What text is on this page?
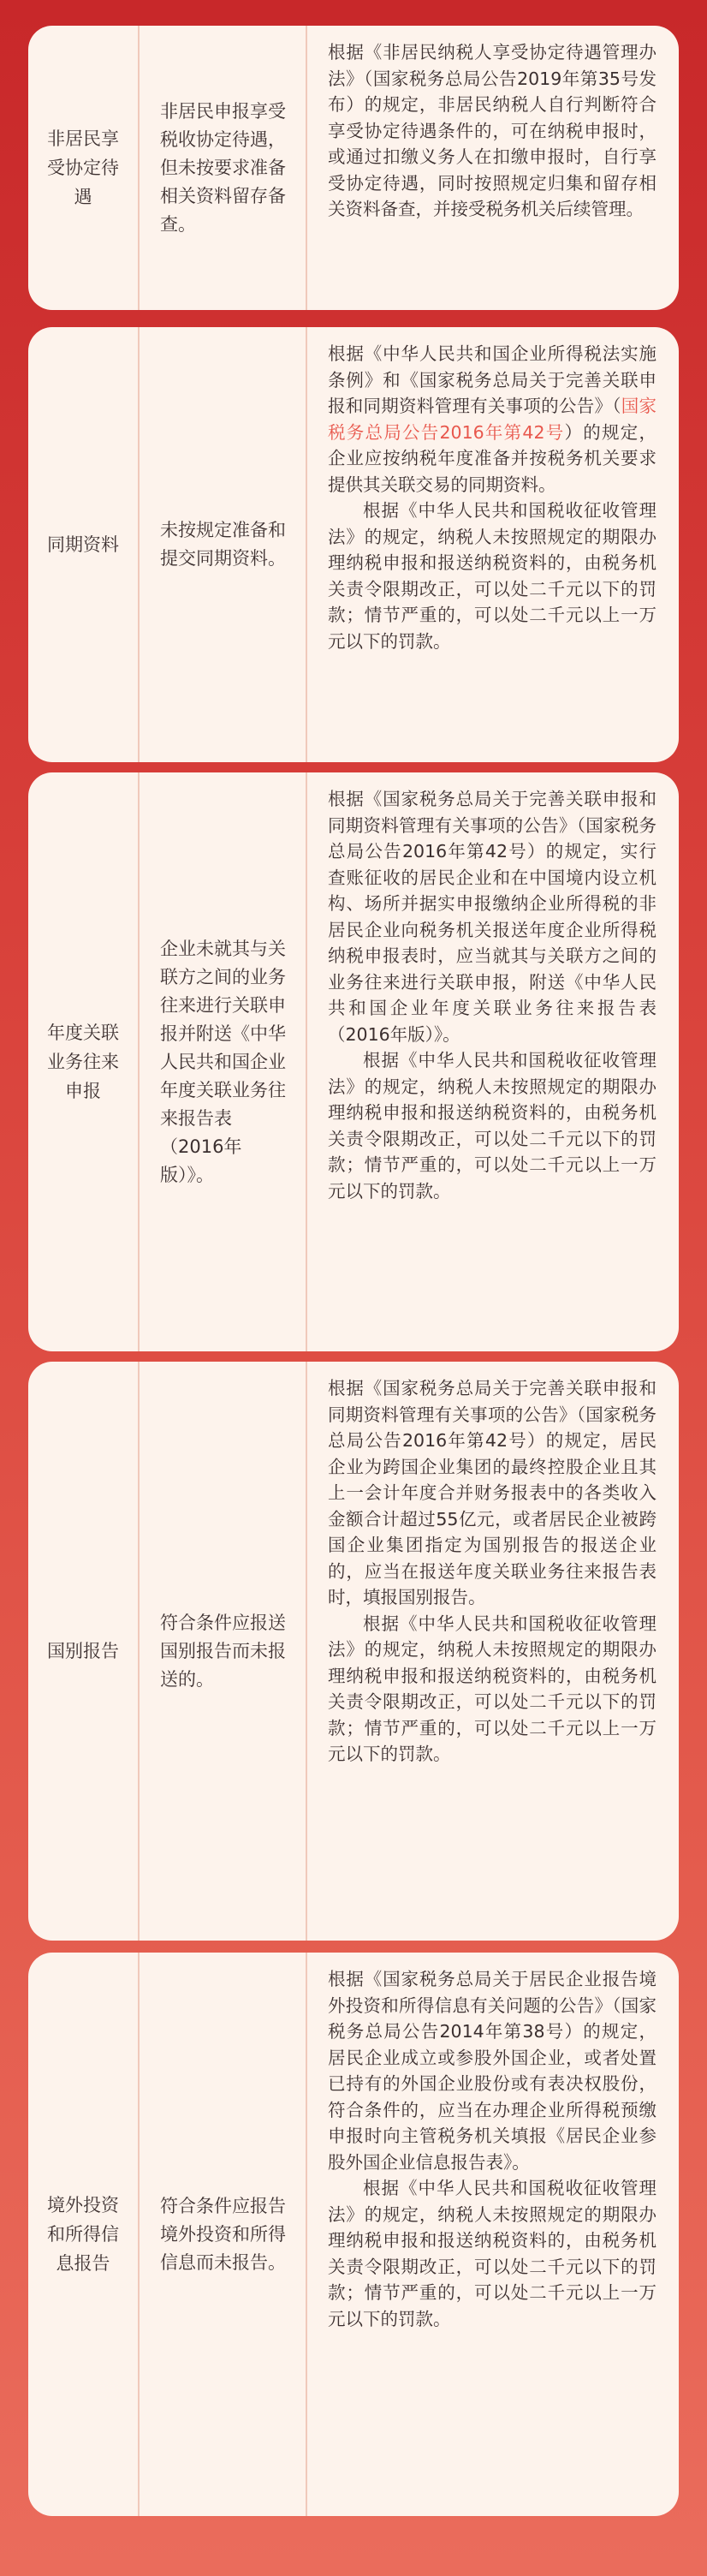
非居民享受协定待遇
非居民申报享受税收协定待遇，但未按要求准备相关资料留存备查。

根据《非居民纳税人享受协定待遇管理办法》（国家税务总局公告2019年第35号发布）的规定，非居民纳税人自行判断符合享受协定待遇条件的，可在纳税申报时，或通过扣缴义务人在扣缴申报时，自行享受协定待遇，同时按照规定归集和留存相关资料备查，并接受税务机关后续管理。

同期资料
未按规定准备和提交同期资料。

根据《中华人民共和国企业所得税法实施条例》和《国家税务总局关于完善关联申报和同期资料管理有关事项的公告》（国家税务总局公告2016年第42号）的规定，企业应按纳税年度准备并按税务机关要求提供其关联交易的同期资料。

根据《中华人民共和国税收征收管理法》的规定，纳税人未按照规定的期限办理纳税申报和报送纳税资料的，由税务机关责令限期改正，可以处二千元以下的罚款；情节严重的，可以处二千元以上一万元以下的罚款。

年度关联业务往来申报
企业未就其与关联方之间的业务往来进行关联申报并附送《中华人民共和国企业年度关联业务往来报告表（2016年版）》。

根据《国家税务总局关于完善关联申报和同期资料管理有关事项的公告》（国家税务总局公告2016年第42号）的规定，实行查账征收的居民企业和在中国境内设立机构、场所并据实申报缴纳企业所得税的非居民企业向税务机关报送年度企业所得税纳税申报表时，应当就其与关联方之间的业务往来进行关联申报，附送《中华人民共和国企业年度关联业务往来报告表（2016年版）》。

根据《中华人民共和国税收征收管理法》的规定，纳税人未按照规定的期限办理纳税申报和报送纳税资料的，由税务机关责令限期改正，可以处二千元以下的罚款；情节严重的，可以处二千元以上一万元以下的罚款。

国别报告
符合条件应报送国别报告而未报送的。

根据《国家税务总局关于完善关联申报和同期资料管理有关事项的公告》（国家税务总局公告2016年第42号）的规定，居民企业为跨国企业集团的最终控股企业且其上一会计年度合并财务报表中的各类收入金额合计超过55亿元，或者居民企业被跨国企业集团指定为国别报告的报送企业的，应当在报送年度关联业务往来报告表时，填报国别报告。

根据《中华人民共和国税收征收管理法》的规定，纳税人未按照规定的期限办理纳税申报和报送纳税资料的，由税务机关责令限期改正，可以处二千元以下的罚款；情节严重的，可以处二千元以上一万元以下的罚款。

境外投资和所得信息报告
符合条件应报告境外投资和所得信息而未报告。

根据《国家税务总局关于居民企业报告境外投资和所得信息有关问题的公告》（国家税务总局公告2014年第38号）的规定，居民企业成立或参股外国企业，或者处置已持有的外国企业股份或有表决权股份，符合条件的，应当在办理企业所得税预缴申报时向主管税务机关填报《居民企业参股外国企业信息报告表》。

根据《中华人民共和国税收征收管理法》的规定，纳税人未按照规定的期限办理纳税申报和报送纳税资料的，由税务机关责令限期改正，可以处二千元以下的罚款；情节严重的，可以处二千元以上一万元以下的罚款。
